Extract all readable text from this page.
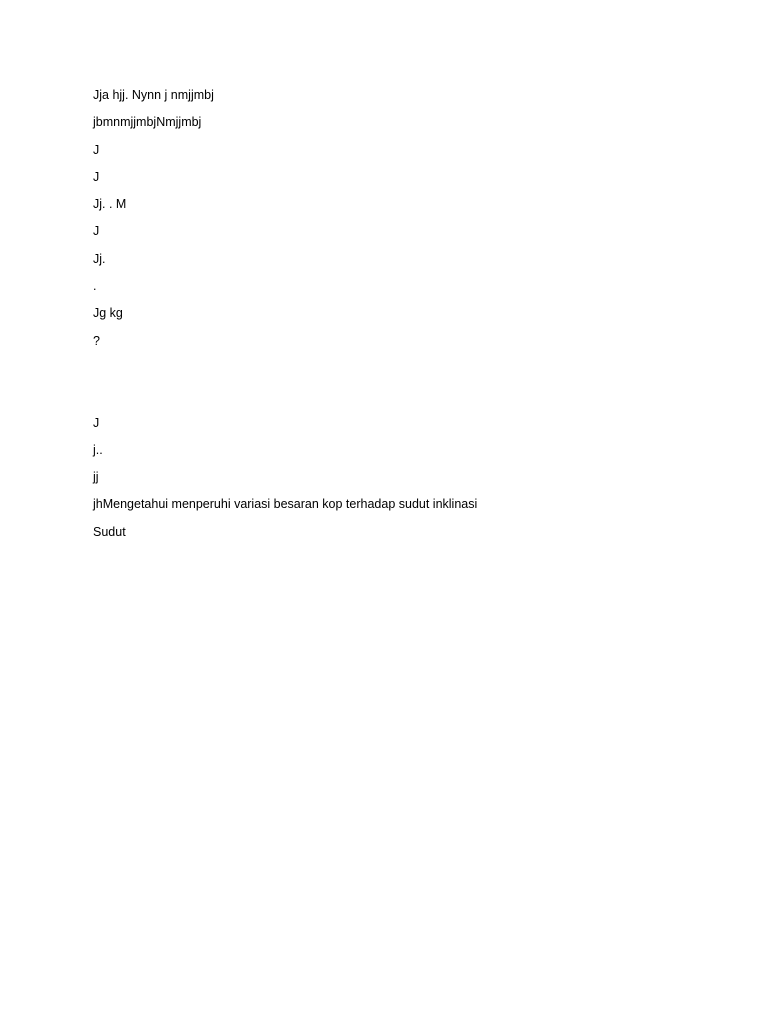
Jja hjj. Nynn j nmjjmbj

jbmnmjjmbjNmjjmbj

J

J

Jj. . M

J

Jj.

.

Jg kg

?

J

j..

jj

jhMengetahui menperuhi variasi besaran kop terhadap sudut inklinasi

Sudut
